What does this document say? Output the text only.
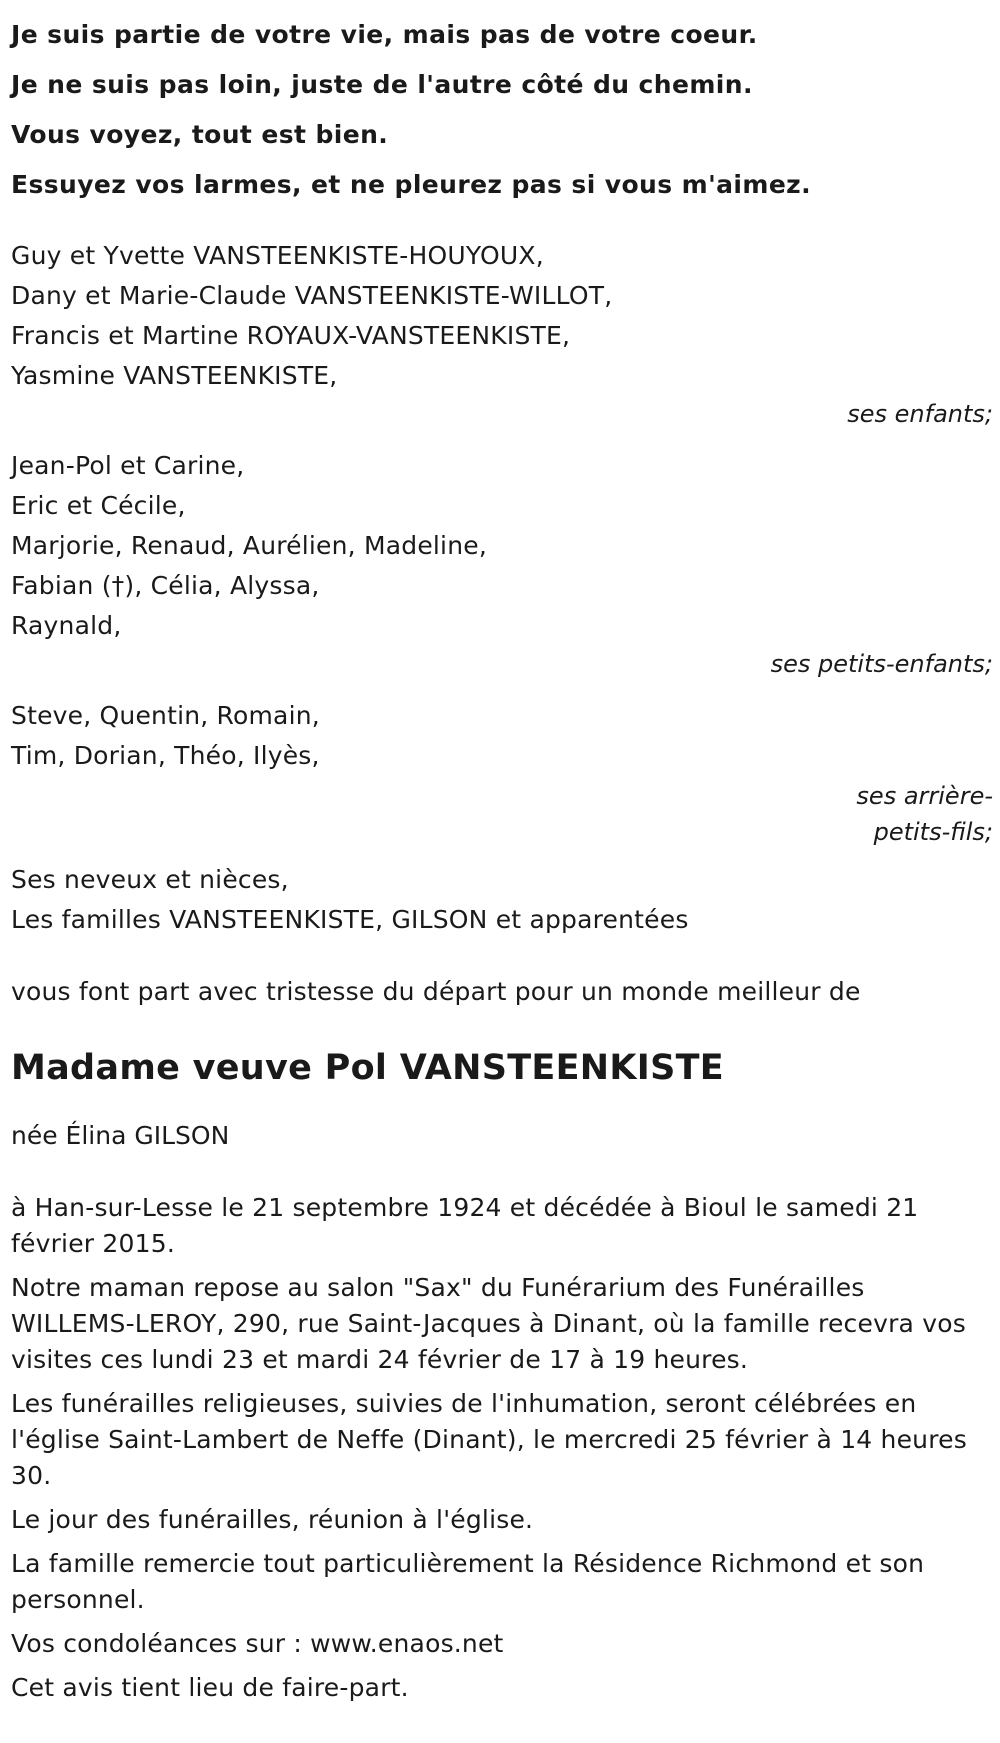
Je suis partie de votre vie, mais pas de votre coeur.

Je ne suis pas loin, juste de l'autre côté du chemin.

Vous voyez, tout est bien.

Essuyez vos larmes, et ne pleurez pas si vous m'aimez.

Guy et Yvette VANSTEENKISTE-HOUYOUX,
Dany et Marie-Claude VANSTEENKISTE-WILLOT,
Francis et Martine ROYAUX-VANSTEENKISTE,
Yasmine VANSTEENKISTE,
ses enfants;
Jean-Pol et Carine,
Eric et Cécile,
Marjorie, Renaud, Aurélien, Madeline,
Fabian (†), Célia, Alyssa,
Raynald,
ses petits-enfants;
Steve, Quentin, Romain,
Tim, Dorian, Théo, Ilyès,
ses arrière-
petits-fils;
Ses neveux et nièces,
Les familles VANSTEENKISTE, GILSON et apparentées
vous font part avec tristesse du départ pour un monde meilleur de
Madame veuve Pol VANSTEENKISTE
née Élina GILSON

à Han-sur-Lesse le 21 septembre 1924 et décédée à Bioul le samedi 21 février 2015.

Notre maman repose au salon "Sax" du Funérarium des Funérailles WILLEMS-LEROY, 290, rue Saint-Jacques à Dinant, où la famille recevra vos visites ces lundi 23 et mardi 24 février de 17 à 19 heures.

Les funérailles religieuses, suivies de l'inhumation, seront célébrées en l'église Saint-Lambert de Neffe (Dinant), le mercredi 25 février à 14 heures 30.

Le jour des funérailles, réunion à l'église.

La famille remercie tout particulièrement la Résidence Richmond et son personnel.

Vos condoléances sur : www.enaos.net

Cet avis tient lieu de faire-part.
